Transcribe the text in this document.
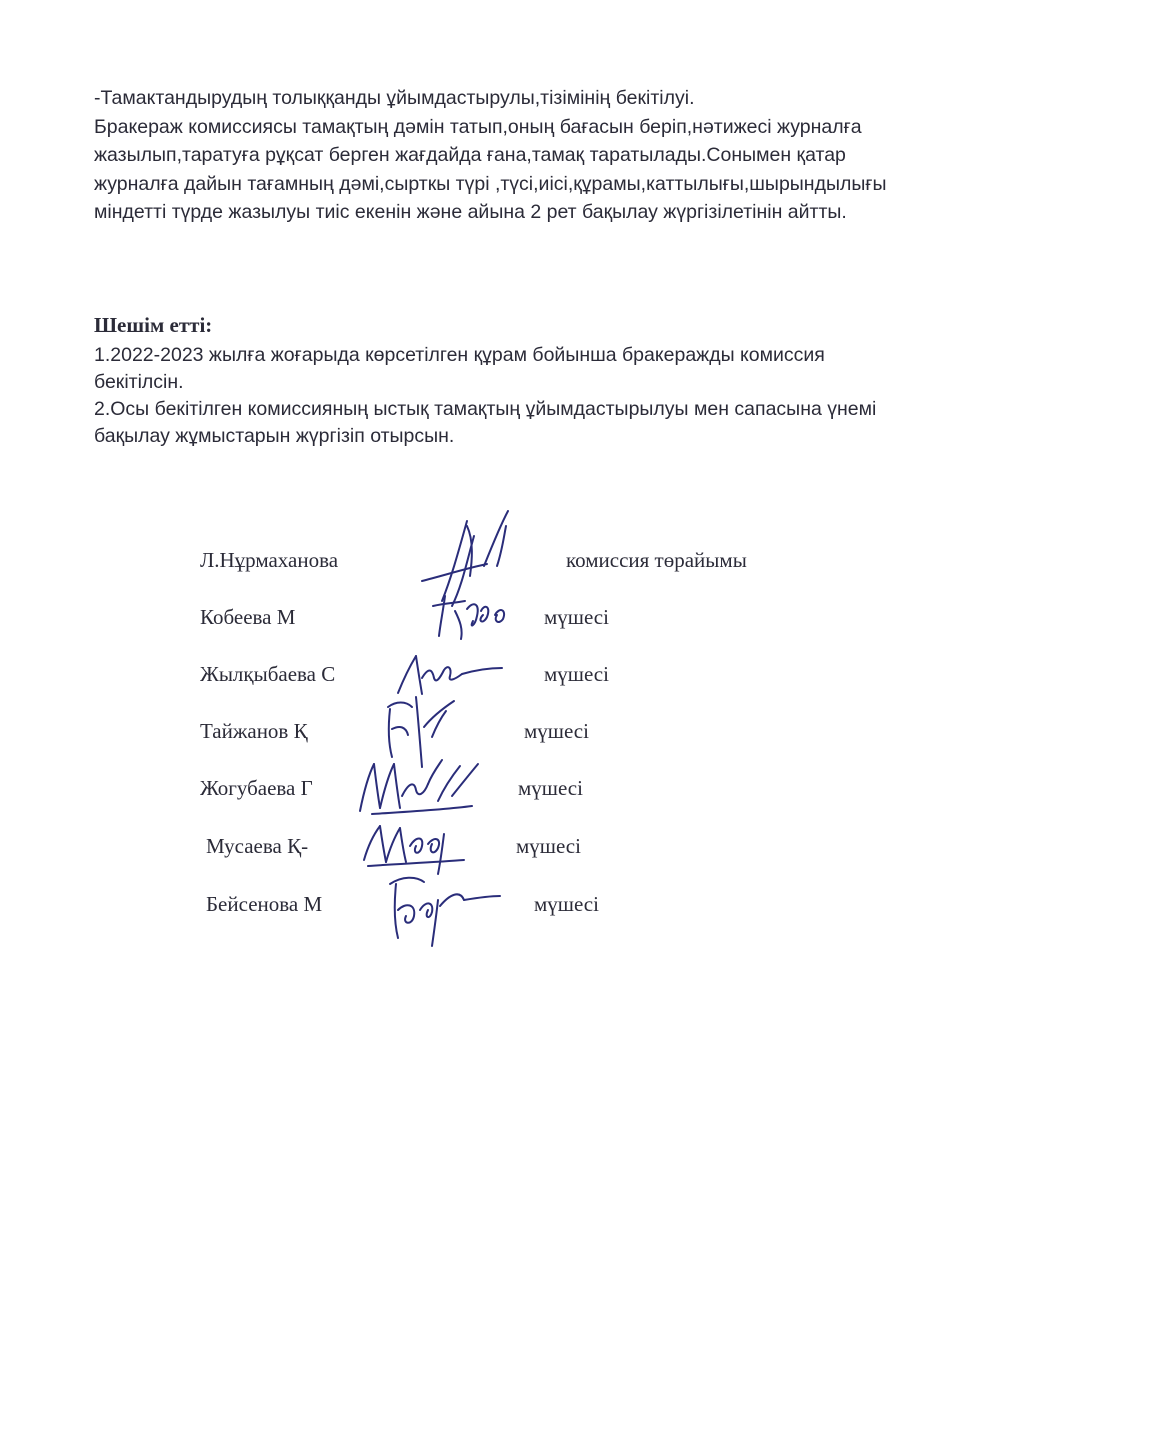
-Тамактандырудың толыққанды ұйымдастырулы,тізімінің бекітілуі.

Бракераж комиссиясы тамақтың дәмін татып,оның бағасын беріп,нәтижесі журналға

жазылып,таратуға рұқсат берген жағдайда ғана,тамақ таратылады.Сонымен қатар

журналға дайын тағамның дәмі,сырткы түрі ,түсі,иісі,құрамы,каттылығы,шырындылығы

міндетті түрде жазылуы тиіс екенін және айына 2 рет бақылау жүргізілетінін айтты.

Шешім етті:

1.2022-2023 жылға жоғарыда көрсетілген құрам бойынша бракеражды комиссия

бекітілсін.

2.Осы бекітілген комиссияның ыстық тамақтың ұйымдастырылуы мен сапасына үнемі

бақылау жұмыстарын жүргізіп отырсын.

Л.Нұрмаханова	комиссия төрайымы
Кобеева М	мүшесі
Жылқыбаева С	мүшесі
Тайжанов Қ	мүшесі
Жогубаева Г	мүшесі
Мусаева Қ-	мүшесі
Бейсенова М	мүшесі
